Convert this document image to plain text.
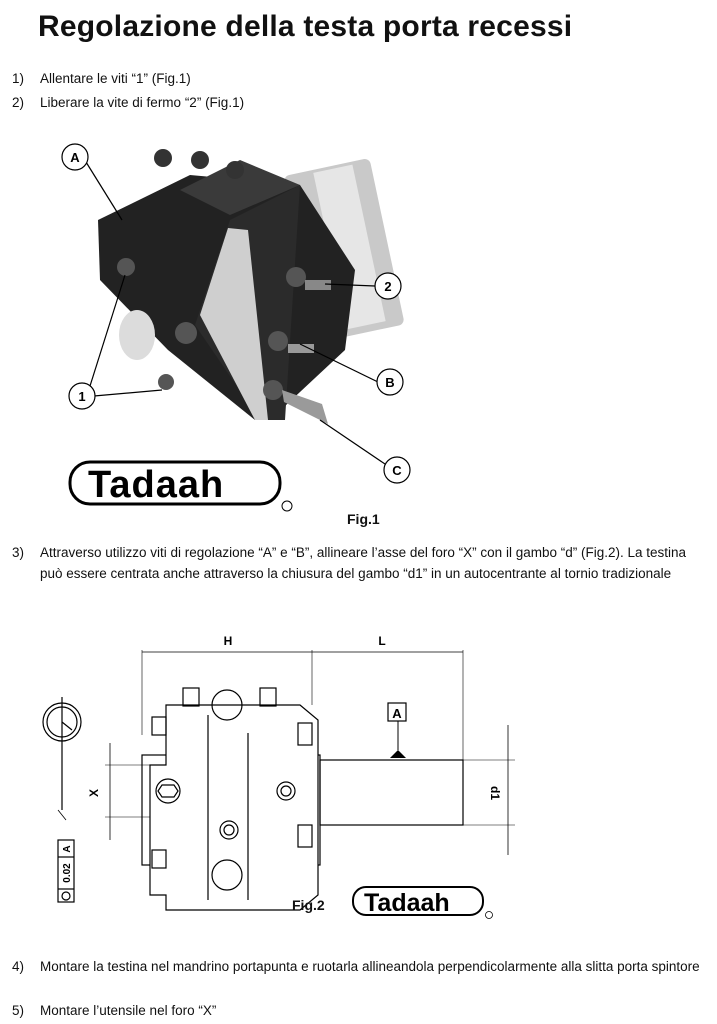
Regolazione della testa porta recessi
1)	Allentare le viti “1” (Fig.1)
2)	Liberare la vite di fermo “2” (Fig.1)
A
2
B
C
1
Tadaah
Fig.1
3)	Attraverso utilizzo viti di regolazione “A” e “B”, allineare l’asse del foro “X” con il gambo “d” (Fig.2). La testina può essere centrata anche attraverso la chiusura del gambo “d1” in un autocentrante al tornio tradizionale
H	L
A
X	d1
0.02
A
Tadaah
Fig.2
4)	Montare la testina nel mandrino portapunta e ruotarla allineandola perpendicolarmente alla slitta porta spintore
5)	Montare l’utensile nel foro “X”
